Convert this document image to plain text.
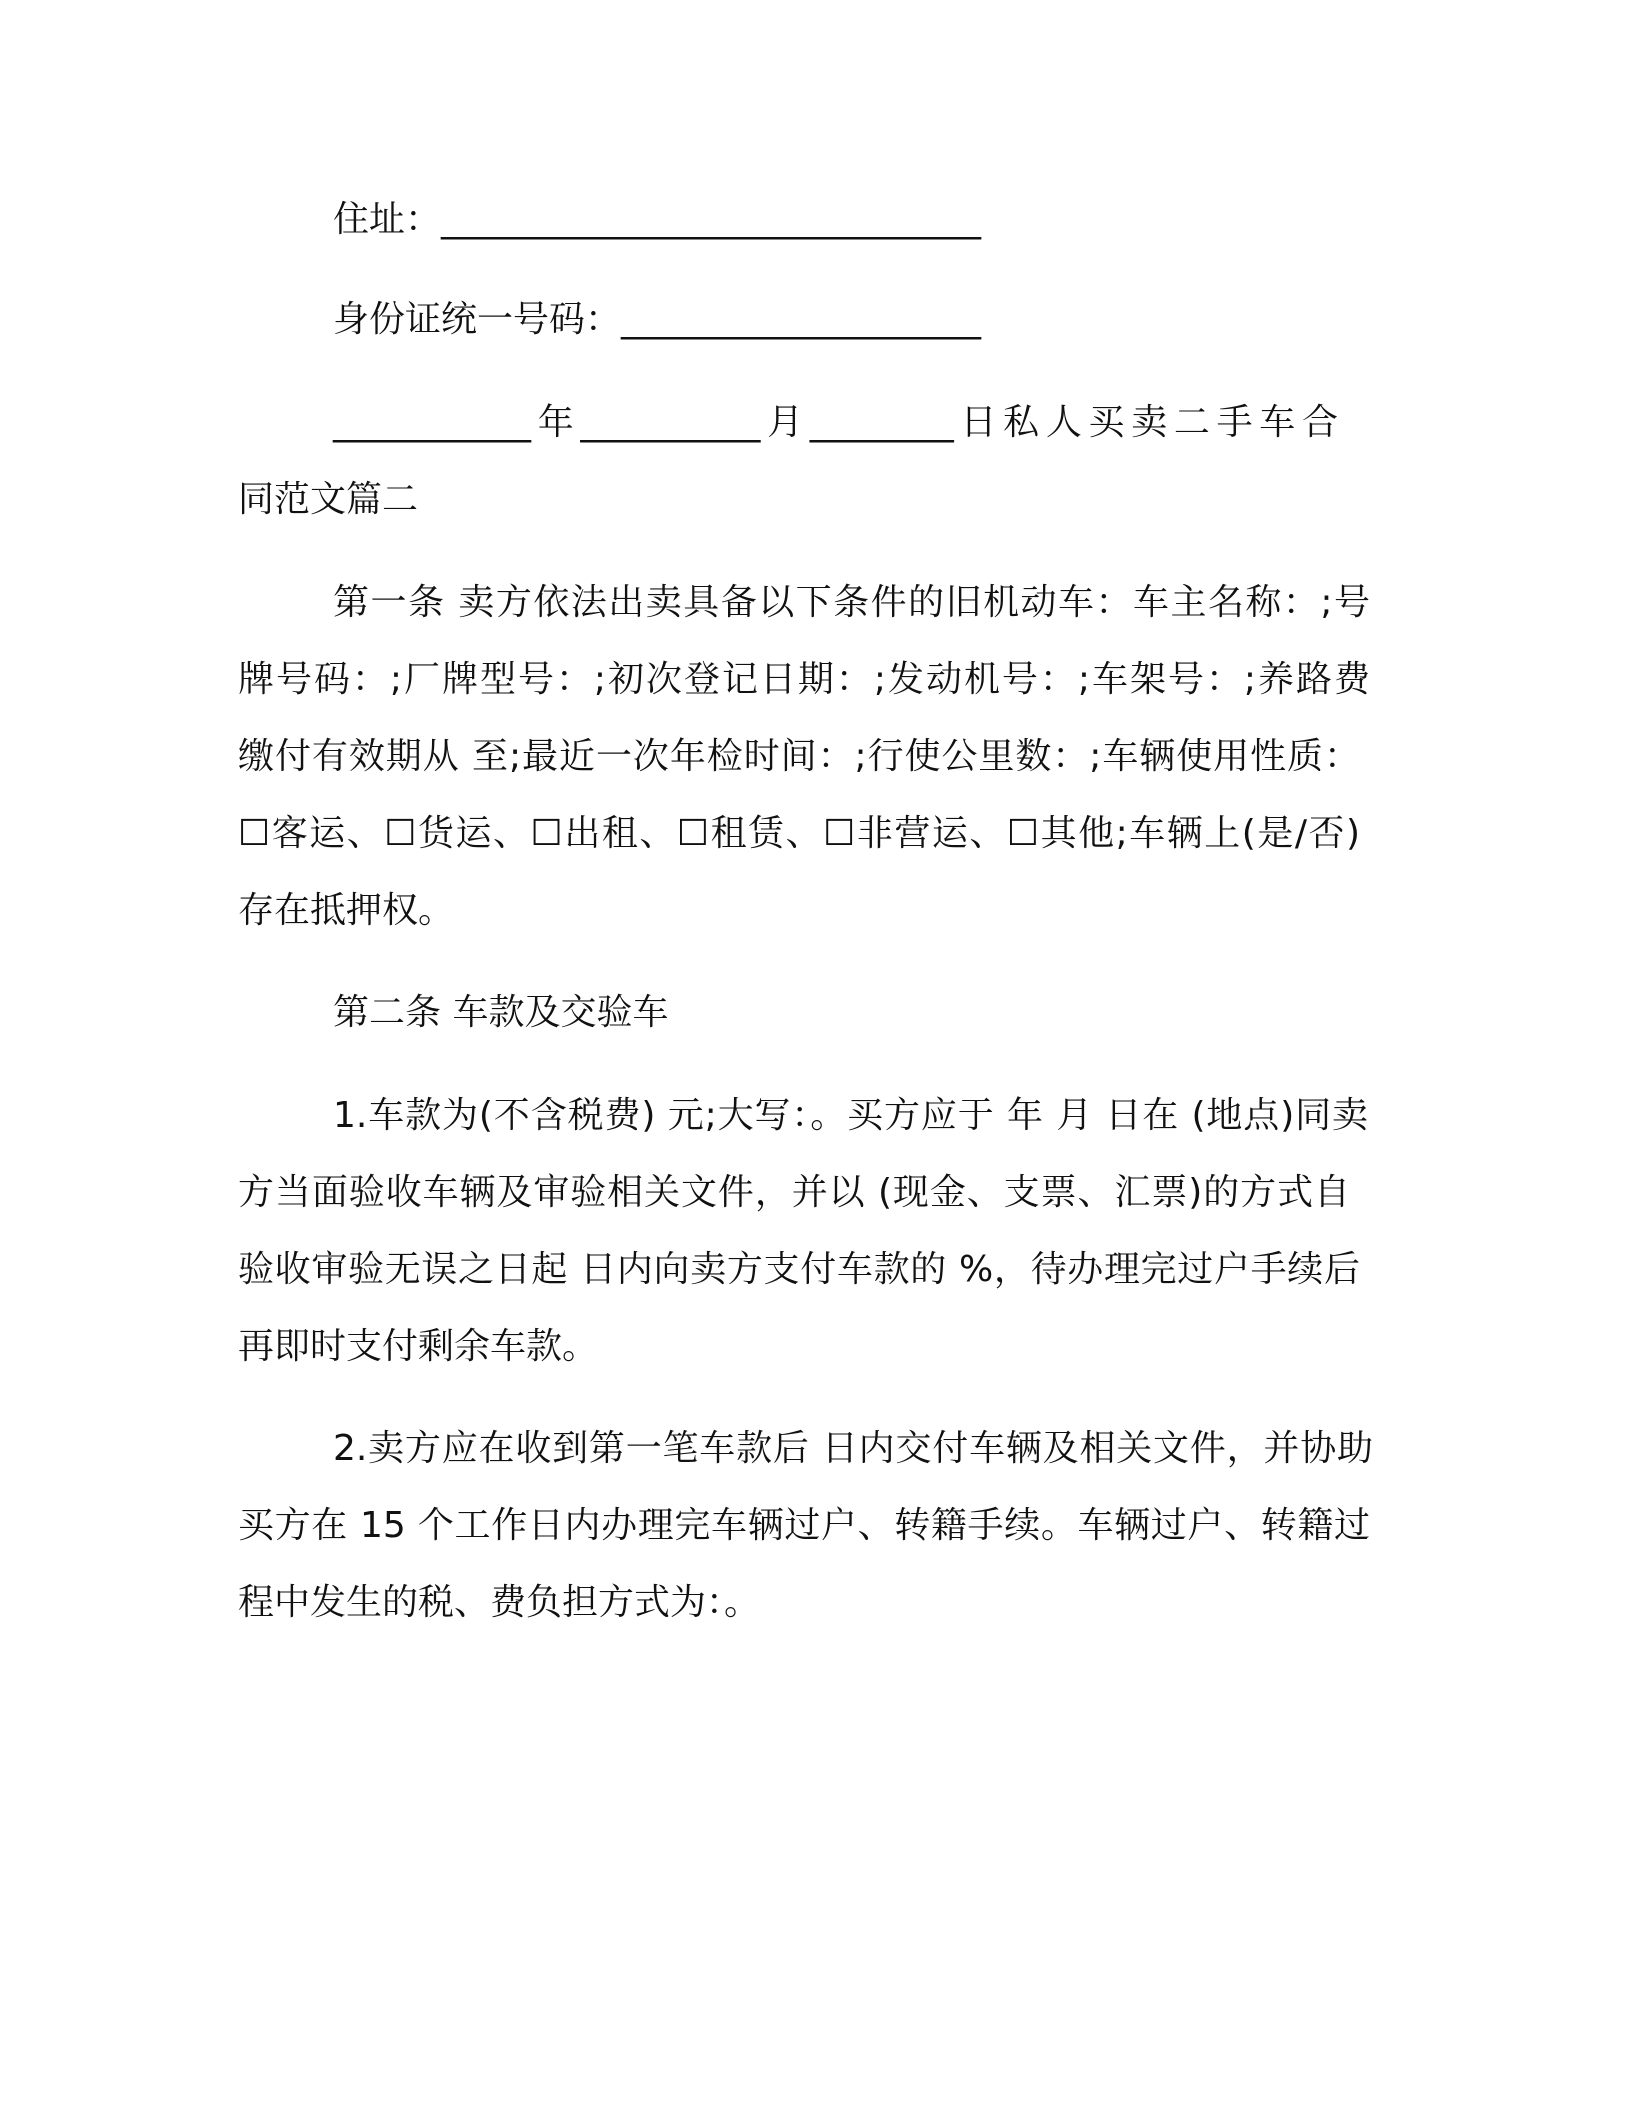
住址：______________________________
身份证统一号码：____________________
___________年__________月________日私人买卖二手车合
同范文篇二
第一条 卖方依法出卖具备以下条件的旧机动车：车主名称：;号
牌号码：;厂牌型号：;初次登记日期：;发动机号：;车架号：;养路费
缴付有效期从 至;最近一次年检时间：;行使公里数：;车辆使用性质：
☐客运、☐货运、☐出租、☐租赁、☐非营运、☐其他;车辆上(是/否)
存在抵押权。
第二条 车款及交验车
1.车款为(不含税费) 元;大写：。买方应于 年 月 日在 (地点)同卖
方当面验收车辆及审验相关文件，并以 (现金、支票、汇票)的方式自
验收审验无误之日起 日内向卖方支付车款的 %，待办理完过户手续后
再即时支付剩余车款。
2.卖方应在收到第一笔车款后 日内交付车辆及相关文件，并协助
买方在 15 个工作日内办理完车辆过户、转籍手续。车辆过户、转籍过
程中发生的税、费负担方式为：。
